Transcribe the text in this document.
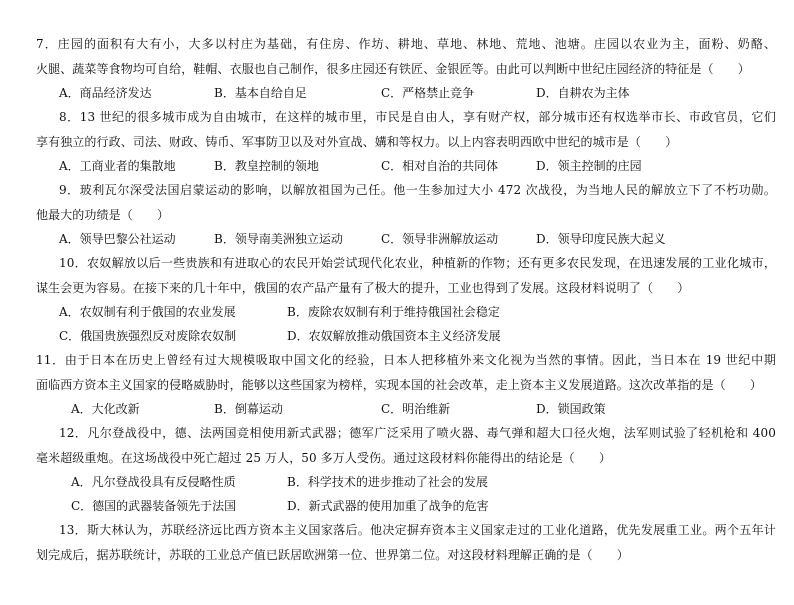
7．庄园的面积有大有小，大多以村庄为基础，有住房、作坊、耕地、草地、林地、荒地、池塘。庄园以农业为主，面粉、奶酪、
火腿、蔬菜等食物均可自给，鞋帽、衣服也自己制作，很多庄园还有铁匠、金银匠等。由此可以判断中世纪庄园经济的特征是（　　）
A．商品经济发达	B．基本自给自足	C．严格禁止竞争	D．自耕农为主体
8．13 世纪的很多城市成为自由城市，在这样的城市里，市民是自由人，享有财产权，部分城市还有权选举市长、市政官员，它们
享有独立的行政、司法、财政、铸币、军事防卫以及对外宣战、媾和等权力。以上内容表明西欧中世纪的城市是（　　）
A．工商业者的集散地	B．教皇控制的领地	C．相对自治的共同体	D．领主控制的庄园
9．玻利瓦尔深受法国启蒙运动的影响，以解放祖国为己任。他一生参加过大小 472 次战役，为当地人民的解放立下了不朽功勋。
他最大的功绩是（　　）
A．领导巴黎公社运动	B．领导南美洲独立运动	C．领导非洲解放运动	D．领导印度民族大起义
10．农奴解放以后一些贵族和有进取心的农民开始尝试现代化农业，种植新的作物；还有更多农民发现，在迅速发展的工业化城市，
谋生会更为容易。在接下来的几十年中，俄国的农产品产量有了极大的提升，工业也得到了发展。这段材料说明了（　　）
A．农奴制有利于俄国的农业发展	B．废除农奴制有利于维持俄国社会稳定
C．俄国贵族强烈反对废除农奴制	D．农奴解放推动俄国资本主义经济发展
11．由于日本在历史上曾经有过大规模吸取中国文化的经验，日本人把移植外来文化视为当然的事情。因此，当日本在 19 世纪中期
面临西方资本主义国家的侵略威胁时，能够以这些国家为榜样，实现本国的社会改革，走上资本主义发展道路。这次改革指的是（　　）
A．大化改新	B．倒幕运动	C．明治维新	D．锁国政策
12．凡尔登战役中，德、法两国竞相使用新式武器；德军广泛采用了喷火器、毒气弹和超大口径火炮，法军则试验了轻机枪和 400
毫米超级重炮。在这场战役中死亡超过 25 万人，50 多万人受伤。通过这段材料你能得出的结论是（　　）
A．凡尔登战役具有反侵略性质	B．科学技术的进步推动了社会的发展
C．德国的武器装备领先于法国	D．新式武器的使用加重了战争的危害
13．斯大林认为，苏联经济远比西方资本主义国家落后。他决定摒弃资本主义国家走过的工业化道路，优先发展重工业。两个五年计
划完成后，据苏联统计，苏联的工业总产值已跃居欧洲第一位、世界第二位。对这段材料理解正确的是（　　）
